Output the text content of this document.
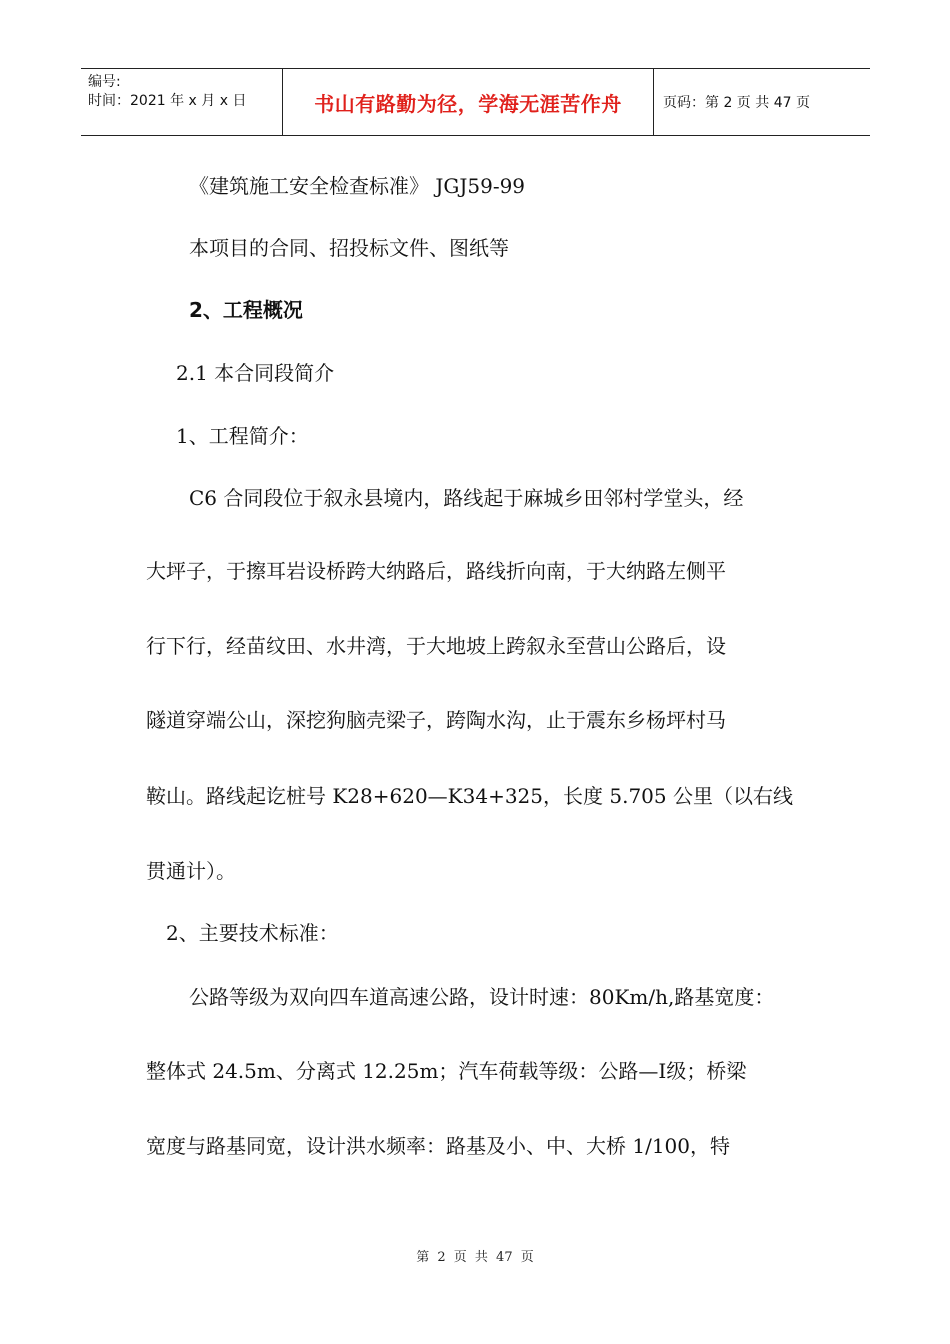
编号:
时间：2021 年 x 月 x 日	书山有路勤为径，学海无涯苦作舟	页码：第 2 页 共 47 页

《建筑施工安全检查标准》 JGJ59-99

本项目的合同、招投标文件、图纸等

2、工程概况

2.1 本合同段简介

1、工程简介：

C6 合同段位于叙永县境内，路线起于麻城乡田邻村学堂头，经

大坪子，于擦耳岩设桥跨大纳路后，路线折向南，于大纳路左侧平

行下行，经苗纹田、水井湾，于大地坡上跨叙永至营山公路后，设

隧道穿端公山，深挖狗脑壳梁子，跨陶水沟，止于震东乡杨坪村马

鞍山。路线起讫桩号 K28+620—K34+325，长度 5.705 公里（以右线

贯通计）。

2、主要技术标准：

公路等级为双向四车道高速公路，设计时速：80Km/h,路基宽度：

整体式 24.5m、分离式 12.25m；汽车荷载等级：公路—Ⅰ级；桥梁

宽度与路基同宽，设计洪水频率：路基及小、中、大桥 1/100，特

第 2 页 共 47 页
